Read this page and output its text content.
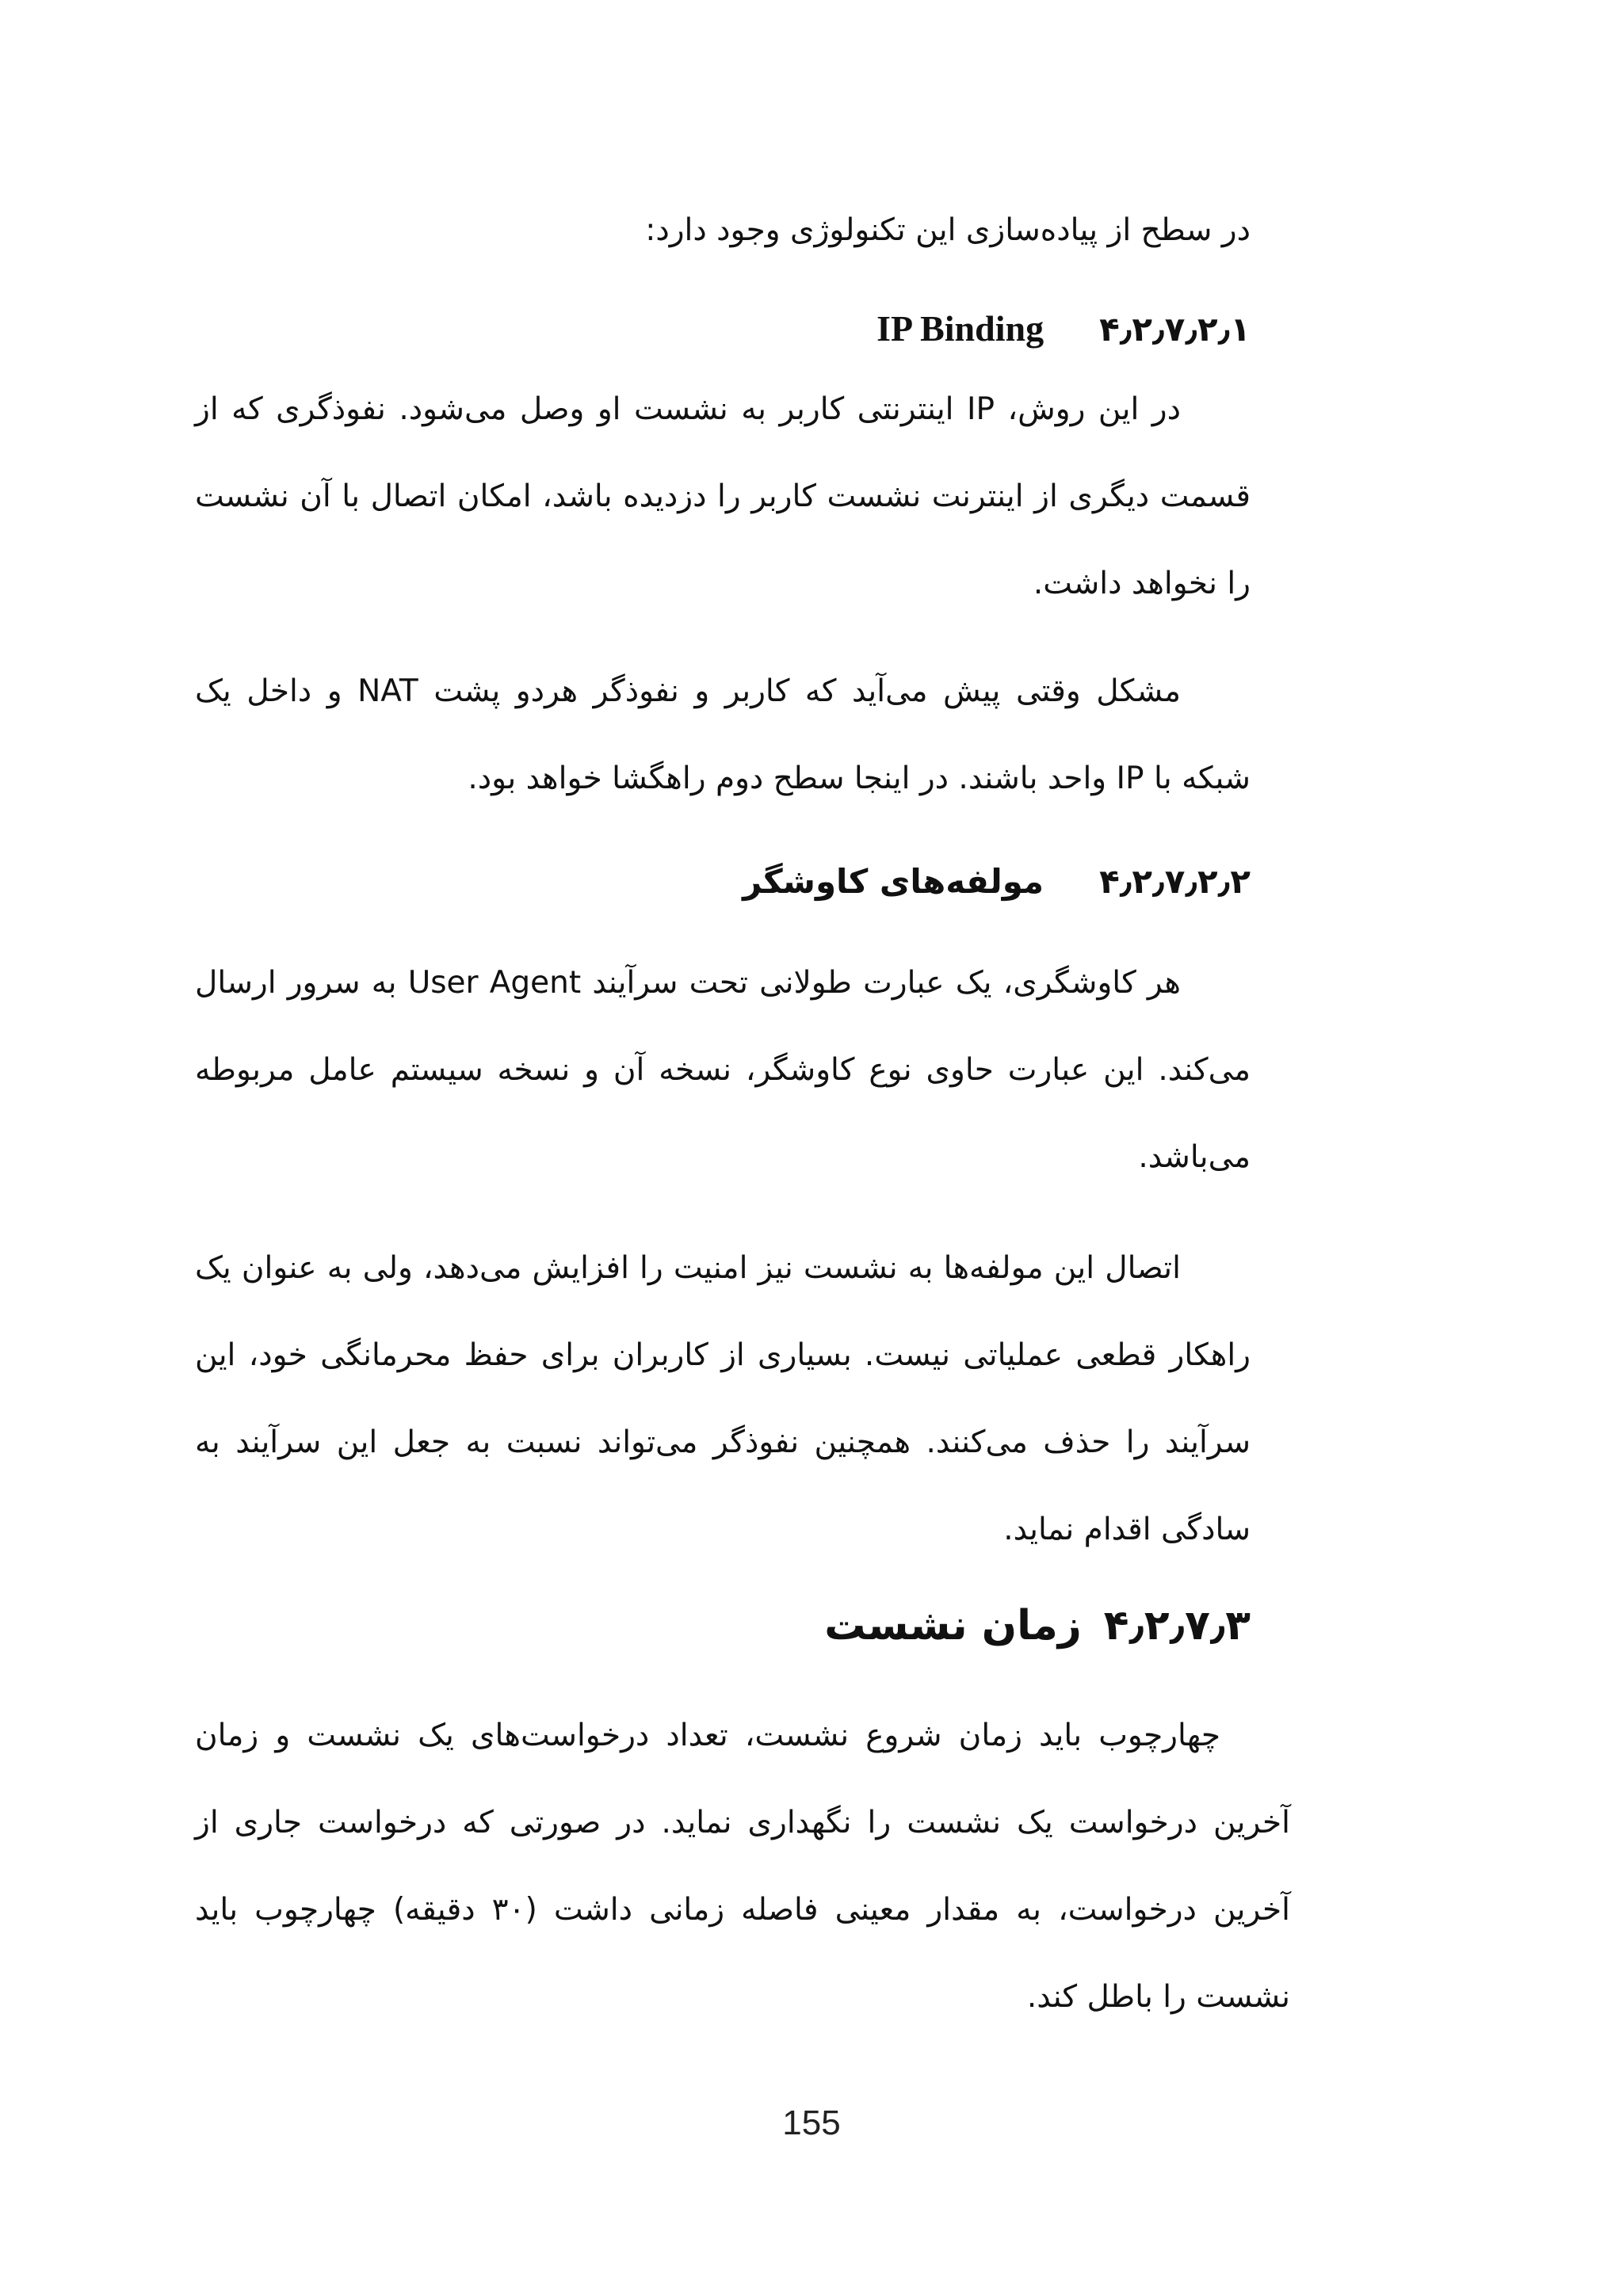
در سطح از پیاده‌سازی این تکنولوژی وجود دارد:

۴٫۲٫۷٫۲٫۱IP Binding

در این روش، IP اینترنتی کاربر به نشست او وصل می‌شود. نفوذگری که از قسمت دیگری از اینترنت نشست کاربر را دزدیده باشد، امکان اتصال با آن نشست را نخواهد داشت.

مشکل وقتی پیش می‌آید که کاربر و نفوذگر هردو پشت NAT و داخل یک شبکه با IP واحد باشند. در اینجا سطح دوم راهگشا خواهد بود.

۴٫۲٫۷٫۲٫۲مولفه‌های کاوشگر

هر کاوشگری، یک عبارت طولانی تحت سرآیند User Agent به سرور ارسال می‌کند. این عبارت حاوی نوع کاوشگر، نسخه آن و نسخه سیستم عامل مربوطه می‌باشد.

اتصال این مولفه‌ها به نشست نیز امنیت را افزایش می‌دهد، ولی به عنوان یک راهکار قطعی عملیاتی نیست. بسیاری از کاربران برای حفظ محرمانگی خود، این سرآیند را حذف می‌کنند. همچنین نفوذگر می‌تواند نسبت به جعل این سرآیند به سادگی اقدام نماید.

۴٫۲٫۷٫۳زمان نشست

چهارچوب باید زمان شروع نشست، تعداد درخواست‌های یک نشست و زمان آخرین درخواست یک نشست را نگهداری نماید. در صورتی که درخواست جاری از آخرین درخواست، به مقدار معینی فاصله زمانی داشت (۳۰ دقیقه) چهارچوب باید نشست را باطل کند.

155
